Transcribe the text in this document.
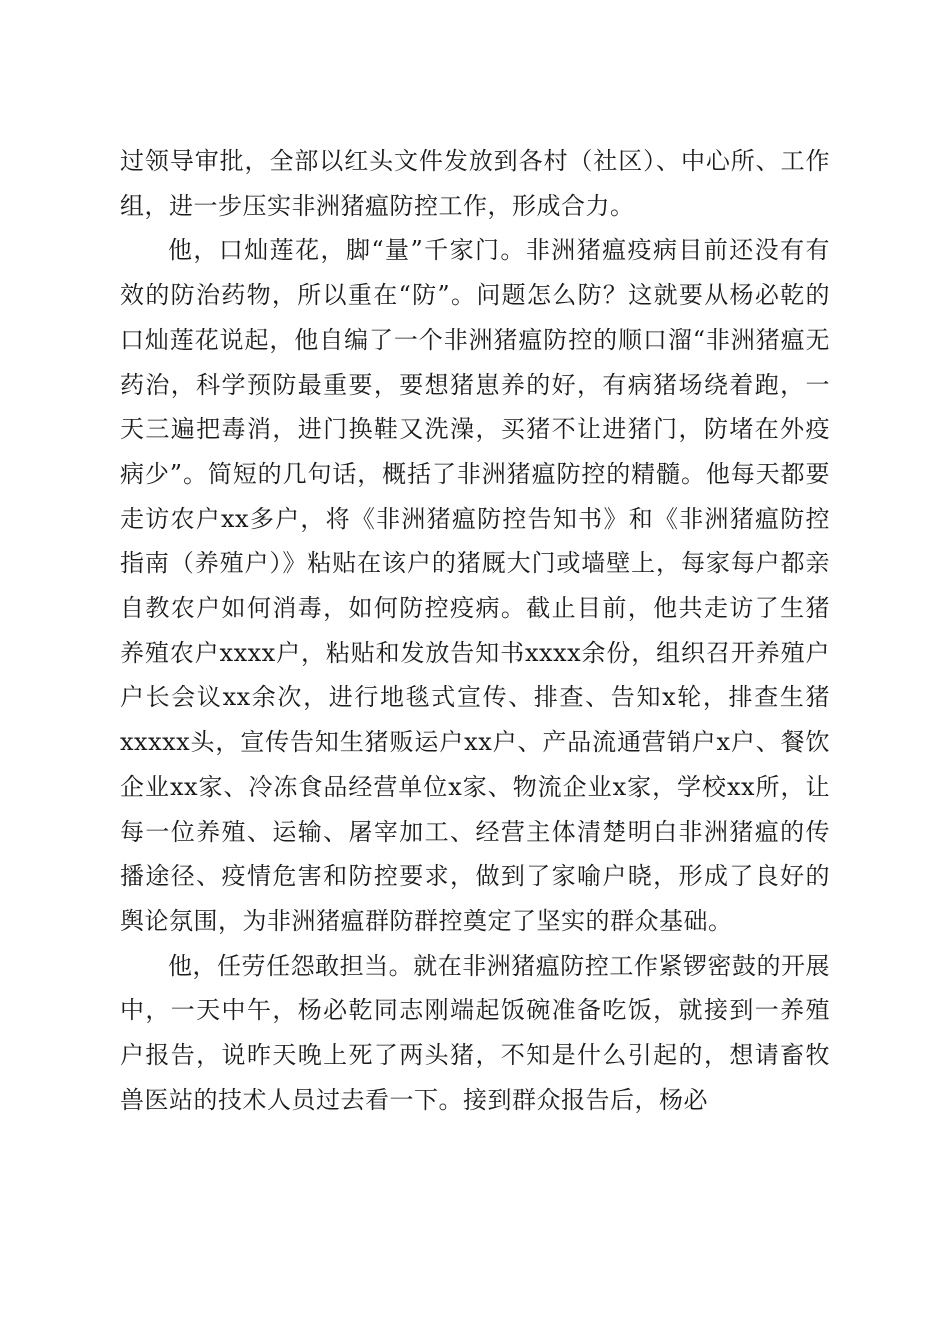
过领导审批，全部以红头文件发放到各村（社区）、中心所、工作组，进一步压实非洲猪瘟防控工作，形成合力。

他，口灿莲花，脚“量”千家门。非洲猪瘟疫病目前还没有有效的防治药物，所以重在“防”。问题怎么防？这就要从杨必乾的口灿莲花说起，他自编了一个非洲猪瘟防控的顺口溜“非洲猪瘟无药治，科学预防最重要，要想猪崽养的好，有病猪场绕着跑，一天三遍把毒消，进门换鞋又洗澡，买猪不让进猪门，防堵在外疫病少”。简短的几句话，概括了非洲猪瘟防控的精髓。他每天都要走访农户xx多户，将《非洲猪瘟防控告知书》和《非洲猪瘟防控指南（养殖户）》粘贴在该户的猪厩大门或墙壁上，每家每户都亲自教农户如何消毒，如何防控疫病。截止目前，他共走访了生猪养殖农户xxxx户，粘贴和发放告知书xxxx余份，组织召开养殖户户长会议xx余次，进行地毯式宣传、排查、告知x轮，排查生猪xxxxx头，宣传告知生猪贩运户xx户、产品流通营销户x户、餐饮企业xx家、冷冻食品经营单位x家、物流企业x家，学校xx所，让每一位养殖、运输、屠宰加工、经营主体清楚明白非洲猪瘟的传播途径、疫情危害和防控要求，做到了家喻户晓，形成了良好的舆论氛围，为非洲猪瘟群防群控奠定了坚实的群众基础。

他，任劳任怨敢担当。就在非洲猪瘟防控工作紧锣密鼓的开展中，一天中午，杨必乾同志刚端起饭碗准备吃饭，就接到一养殖户报告，说昨天晚上死了两头猪，不知是什么引起的，想请畜牧兽医站的技术人员过去看一下。接到群众报告后，杨必
